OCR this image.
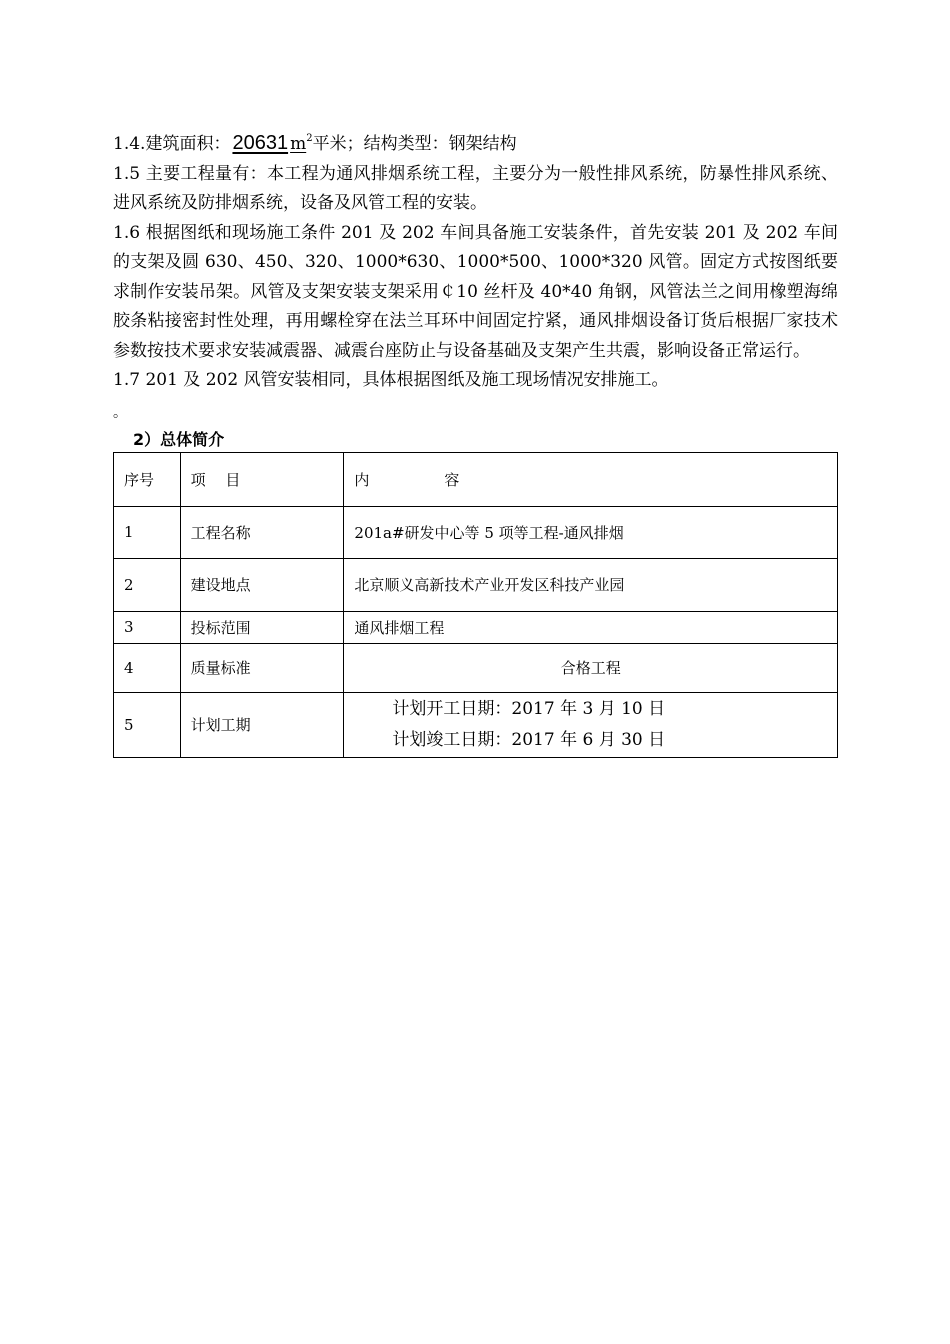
1.4.建筑面积： 20631 $m^2$平米；结构类型：钢架结构

1.5 主要工程量有：本工程为通风排烟系统工程，主要分为一般性排风系统，防暴性排风系统、进风系统及防排烟系统，设备及风管工程的安装。

1.6 根据图纸和现场施工条件 201 及 202 车间具备施工安装条件，首先安装 201 及 202 车间的支架及圆 630、450、320、1000*630、1000*500、1000*320 风管。固定方式按图纸要求制作安装吊架。风管及支架安装支架采用￠10 丝杆及 40*40 角钢，风管法兰之间用橡塑海绵胶条粘接密封性处理，再用螺栓穿在法兰耳环中间固定拧紧，通风排烟设备订货后根据厂家技术参数按技术要求安装减震器、减震台座防止与设备基础及支架产生共震，影响设备正常运行。

1.7 201 及 202 风管安装相同，具体根据图纸及施工现场情况安排施工。

。

2）总体简介
序号	项　 目	内　　　　　容
1	工程名称	201a#研发中心等 5 项等工程-通风排烟
2	建设地点	北京顺义高新技术产业开发区科技产业园
3	投标范围	通风排烟工程
4	质量标准	合格工程
5	计划工期	计划开工日期：2017 年 3 月 10 日
计划竣工日期：2017 年 6 月 30 日
